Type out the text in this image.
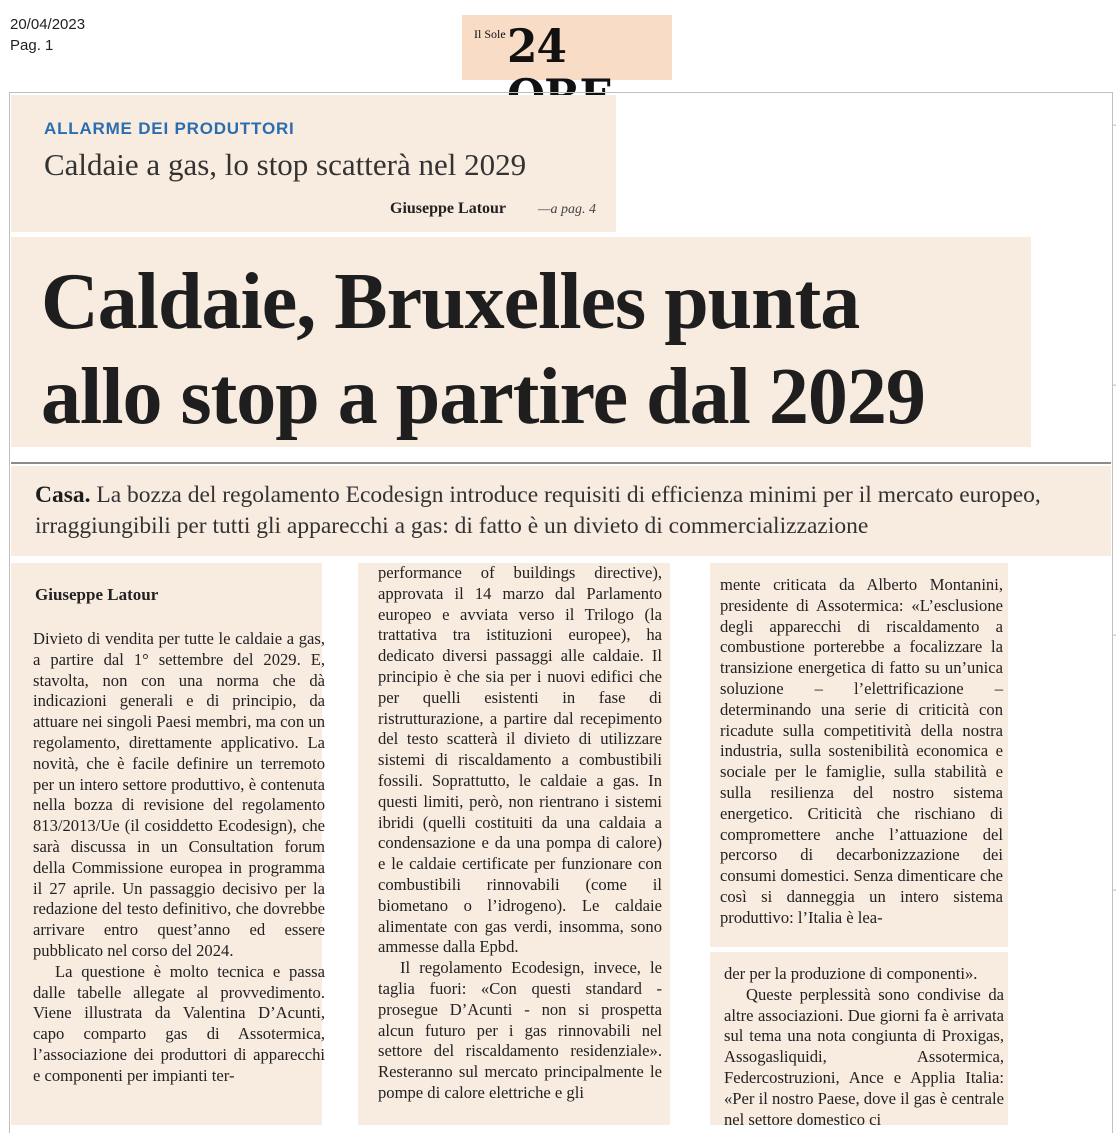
20/04/2023
Pag. 1
Il Sole 24
ALLARME DEI PRODUTTORI
Caldaie a gas, lo stop scatterà nel 2029
Giuseppe Latour —a pag. 4
Caldaie, Bruxelles punta
allo stop a partire dal 2029

Casa. La bozza del regolamento Ecodesign introduce requisiti di efficienza minimi per il mercato europeo, irraggiungibili per tutti gli apparecchi a gas: di fatto è un divieto di commercializzazione

Giuseppe Latour

Divieto di vendita per tutte le caldaie a gas, a partire dal 1° settembre del 2029. E, stavolta, non con una norma che dà indicazioni generali e di principio, da attuare nei singoli Paesi membri, ma con un regolamento, direttamente applicativo. La novità, che è facile definire un terremoto per un intero settore produttivo, è contenuta nella bozza di revisione del regolamento 813/2013/Ue (il cosiddetto Ecodesign), che sarà discussa in un Consultation forum della Commissione europea in programma il 27 aprile. Un passaggio decisivo per la redazione del testo definitivo, che dovrebbe arrivare entro quest’anno ed essere pubblicato nel corso del 2024.

La questione è molto tecnica e passa dalle tabelle allegate al provvedimento. Viene illustrata da Valentina D’Acunti, capo comparto gas di Assotermica, l’associazione dei produttori di apparecchi e componenti per impianti ter-

performance of buildings directive), approvata il 14 marzo dal Parlamento europeo e avviata verso il Trilogo (la trattativa tra istituzioni europee), ha dedicato diversi passaggi alle caldaie. Il principio è che sia per i nuovi edifici che per quelli esistenti in fase di ristrutturazione, a partire dal recepimento del testo scatterà il divieto di utilizzare sistemi di riscaldamento a combustibili fossili. Soprattutto, le caldaie a gas. In questi limiti, però, non rientrano i sistemi ibridi (quelli costituiti da una caldaia a condensazione e da una pompa di calore) e le caldaie certificate per funzionare con combustibili rinnovabili (come il biometano o l’idrogeno). Le caldaie alimentate con gas verdi, insomma, sono ammesse dalla Epbd.

Il regolamento Ecodesign, invece, le taglia fuori: «Con questi standard - prosegue D’Acunti - non si prospetta alcun futuro per i gas rinnovabili nel settore del riscaldamento residenziale». Resteranno sul mercato principalmente le pompe di calore elettriche e gli

mente criticata da Alberto Montanini, presidente di Assotermica: «L’esclusione degli apparecchi di riscaldamento a combustione porterebbe a focalizzare la transizione energetica di fatto su un’unica soluzione – l’elettrificazione – determinando una serie di criticità con ricadute sulla competitività della nostra industria, sulla sostenibilità economica e sociale per le famiglie, sulla stabilità e sulla resilienza del nostro sistema energetico. Criticità che rischiano di compromettere anche l’attuazione del percorso di decarbonizzazione dei consumi domestici. Senza dimenticare che così si danneggia un intero sistema produttivo: l’Italia è lea-

der per la produzione di componenti».

Queste perplessità sono condivise da altre associazioni. Due giorni fa è arrivata sul tema una nota congiunta di Proxigas, Assogasliquidi, Assotermica, Federcostruzioni, Ance e Applia Italia: «Per il nostro Paese, dove il gas è centrale nel settore domestico ci

-
-
-
-
